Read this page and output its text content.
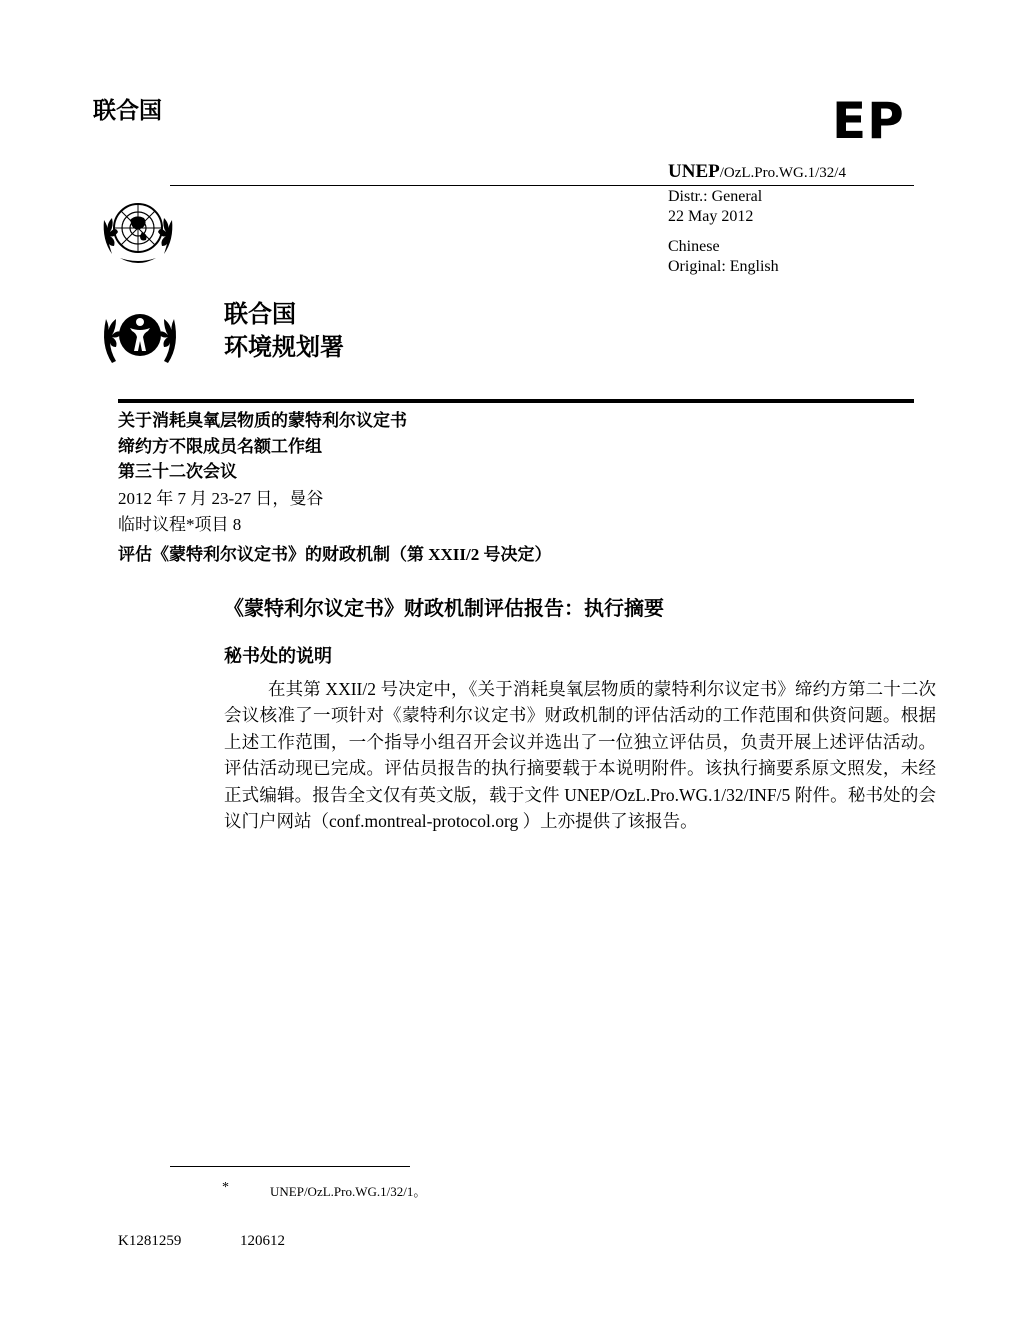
联合国	EP
UNEP/OzL.Pro.WG.1/32/4
Distr.: General
22 May 2012
Chinese
Original: English
联合国
环境规划署
关于消耗臭氧层物质的蒙特利尔议定书
缔约方不限成员名额工作组
第三十二次会议
2012 年 7 月 23-27 日，曼谷
临时议程*项目 8
评估《蒙特利尔议定书》的财政机制（第 XXII/2 号决定）
《蒙特利尔议定书》财政机制评估报告：执行摘要
秘书处的说明
在其第 XXII/2 号决定中，《关于消耗臭氧层物质的蒙特利尔议定书》缔约方第二十二次会议核准了一项针对《蒙特利尔议定书》财政机制的评估活动的工作范围和供资问题。根据上述工作范围，一个指导小组召开会议并选出了一位独立评估员，负责开展上述评估活动。评估活动现已完成。评估员报告的执行摘要载于本说明附件。该执行摘要系原文照发，未经正式编辑。报告全文仅有英文版，载于文件 UNEP/OzL.Pro.WG.1/32/INF/5 附件。秘书处的会议门户网站（conf.montreal-protocol.org ）上亦提供了该报告。
*	UNEP/OzL.Pro.WG.1/32/1。
K1281259	120612
